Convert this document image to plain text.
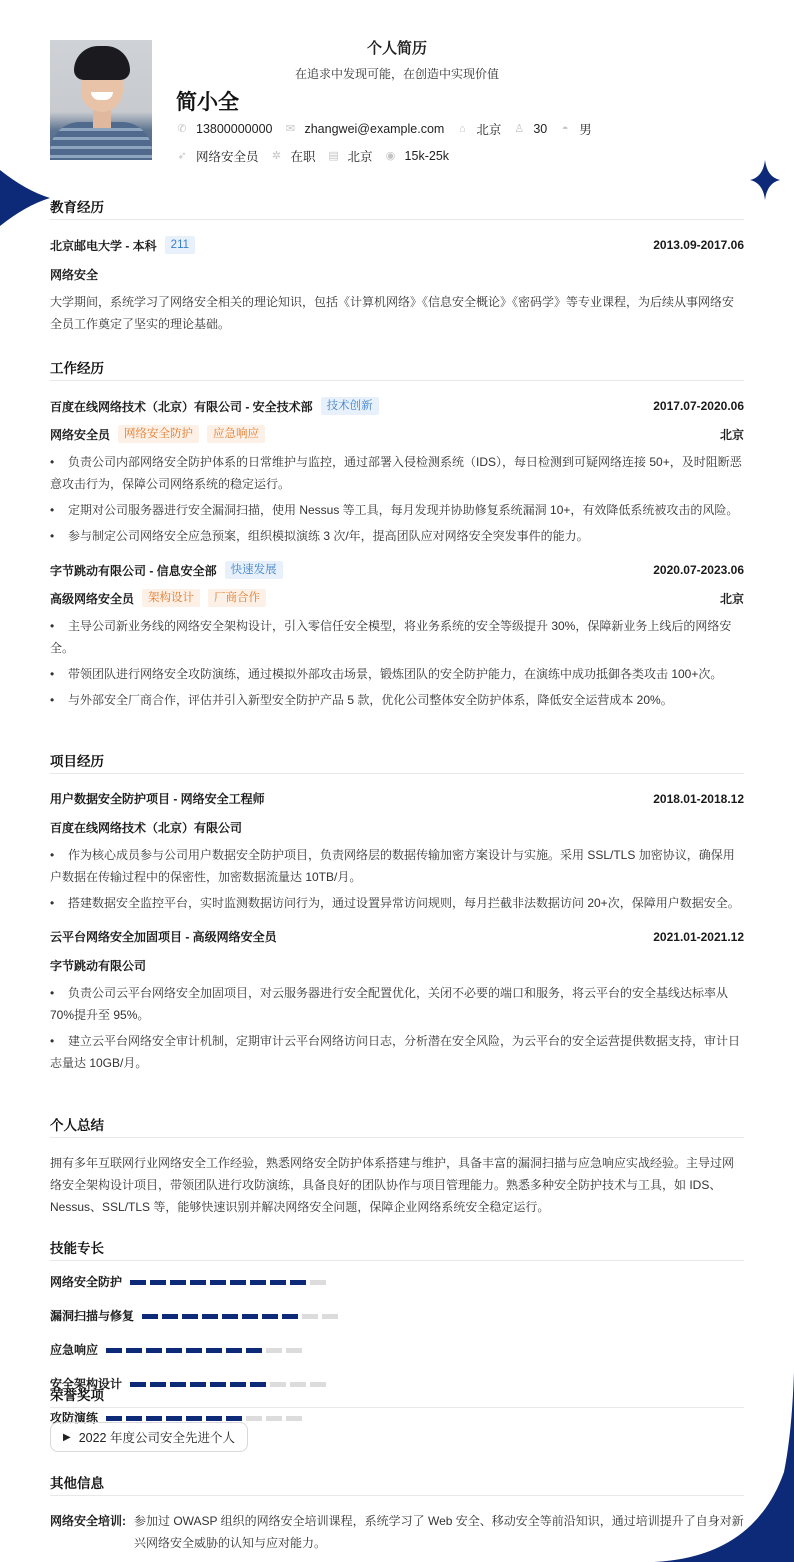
个人简历
在追求中发现可能，在创造中实现价值
简小全
✆ 13800000000 ✉ zhangwei@example.com ⌂ 北京 ♙ 30 ◓ 男
➶ 网络安全员 ✲ 在职 ▤ 北京 ◉ 15k-25k
教育经历
北京邮电大学 - 本科	211	2013.09-2017.06
网络安全
大学期间，系统学习了网络安全相关的理论知识，包括《计算机网络》《信息安全概论》《密码学》等专业课程，为后续从事网络安全员工作奠定了坚实的理论基础。
工作经历
百度在线网络技术（北京）有限公司 - 安全技术部	技术创新	2017.07-2020.06
网络安全员	网络安全防护	应急响应	北京
• 负责公司内部网络安全防护体系的日常维护与监控，通过部署入侵检测系统（IDS），每日检测到可疑网络连接 50+，及时阻断恶意攻击行为，保障公司网络系统的稳定运行。
• 定期对公司服务器进行安全漏洞扫描，使用 Nessus 等工具，每月发现并协助修复系统漏洞 10+，有效降低系统被攻击的风险。
• 参与制定公司网络安全应急预案，组织模拟演练 3 次/年，提高团队应对网络安全突发事件的能力。
字节跳动有限公司 - 信息安全部	快速发展	2020.07-2023.06
高级网络安全员	架构设计	厂商合作	北京
• 主导公司新业务线的网络安全架构设计，引入零信任安全模型，将业务系统的安全等级提升 30%，保障新业务上线后的网络安全。
• 带领团队进行网络安全攻防演练，通过模拟外部攻击场景，锻炼团队的安全防护能力，在演练中成功抵御各类攻击 100+次。
• 与外部安全厂商合作，评估并引入新型安全防护产品 5 款，优化公司整体安全防护体系，降低安全运营成本 20%。
项目经历
用户数据安全防护项目 - 网络安全工程师	2018.01-2018.12
百度在线网络技术（北京）有限公司
• 作为核心成员参与公司用户数据安全防护项目，负责网络层的数据传输加密方案设计与实施。采用 SSL/TLS 加密协议，确保用户数据在传输过程中的保密性，加密数据流量达 10TB/月。
• 搭建数据安全监控平台，实时监测数据访问行为，通过设置异常访问规则，每月拦截非法数据访问 20+次，保障用户数据安全。
云平台网络安全加固项目 - 高级网络安全员	2021.01-2021.12
字节跳动有限公司
• 负责公司云平台网络安全加固项目，对云服务器进行安全配置优化，关闭不必要的端口和服务，将云平台的安全基线达标率从 70%提升至 95%。
• 建立云平台网络安全审计机制，定期审计云平台网络访问日志，分析潜在安全风险，为云平台的安全运营提供数据支持，审计日志量达 10GB/月。
个人总结
拥有多年互联网行业网络安全工作经验，熟悉网络安全防护体系搭建与维护，具备丰富的漏洞扫描与应急响应实战经验。主导过网络安全架构设计项目，带领团队进行攻防演练，具备良好的团队协作与项目管理能力。熟悉多种安全防护技术与工具，如 IDS、Nessus、SSL/TLS 等，能够快速识别并解决网络安全问题，保障企业网络系统安全稳定运行。
技能专长
网络安全防护
漏洞扫描与修复
应急响应
安全架构设计
攻防演练
荣誉奖项
▶ 2022 年度公司安全先进个人
其他信息
网络安全培训: 参加过 OWASP 组织的网络安全培训课程，系统学习了 Web 安全、移动安全等前沿知识，通过培训提升了自身对新兴网络安全威胁的认知与应对能力。
